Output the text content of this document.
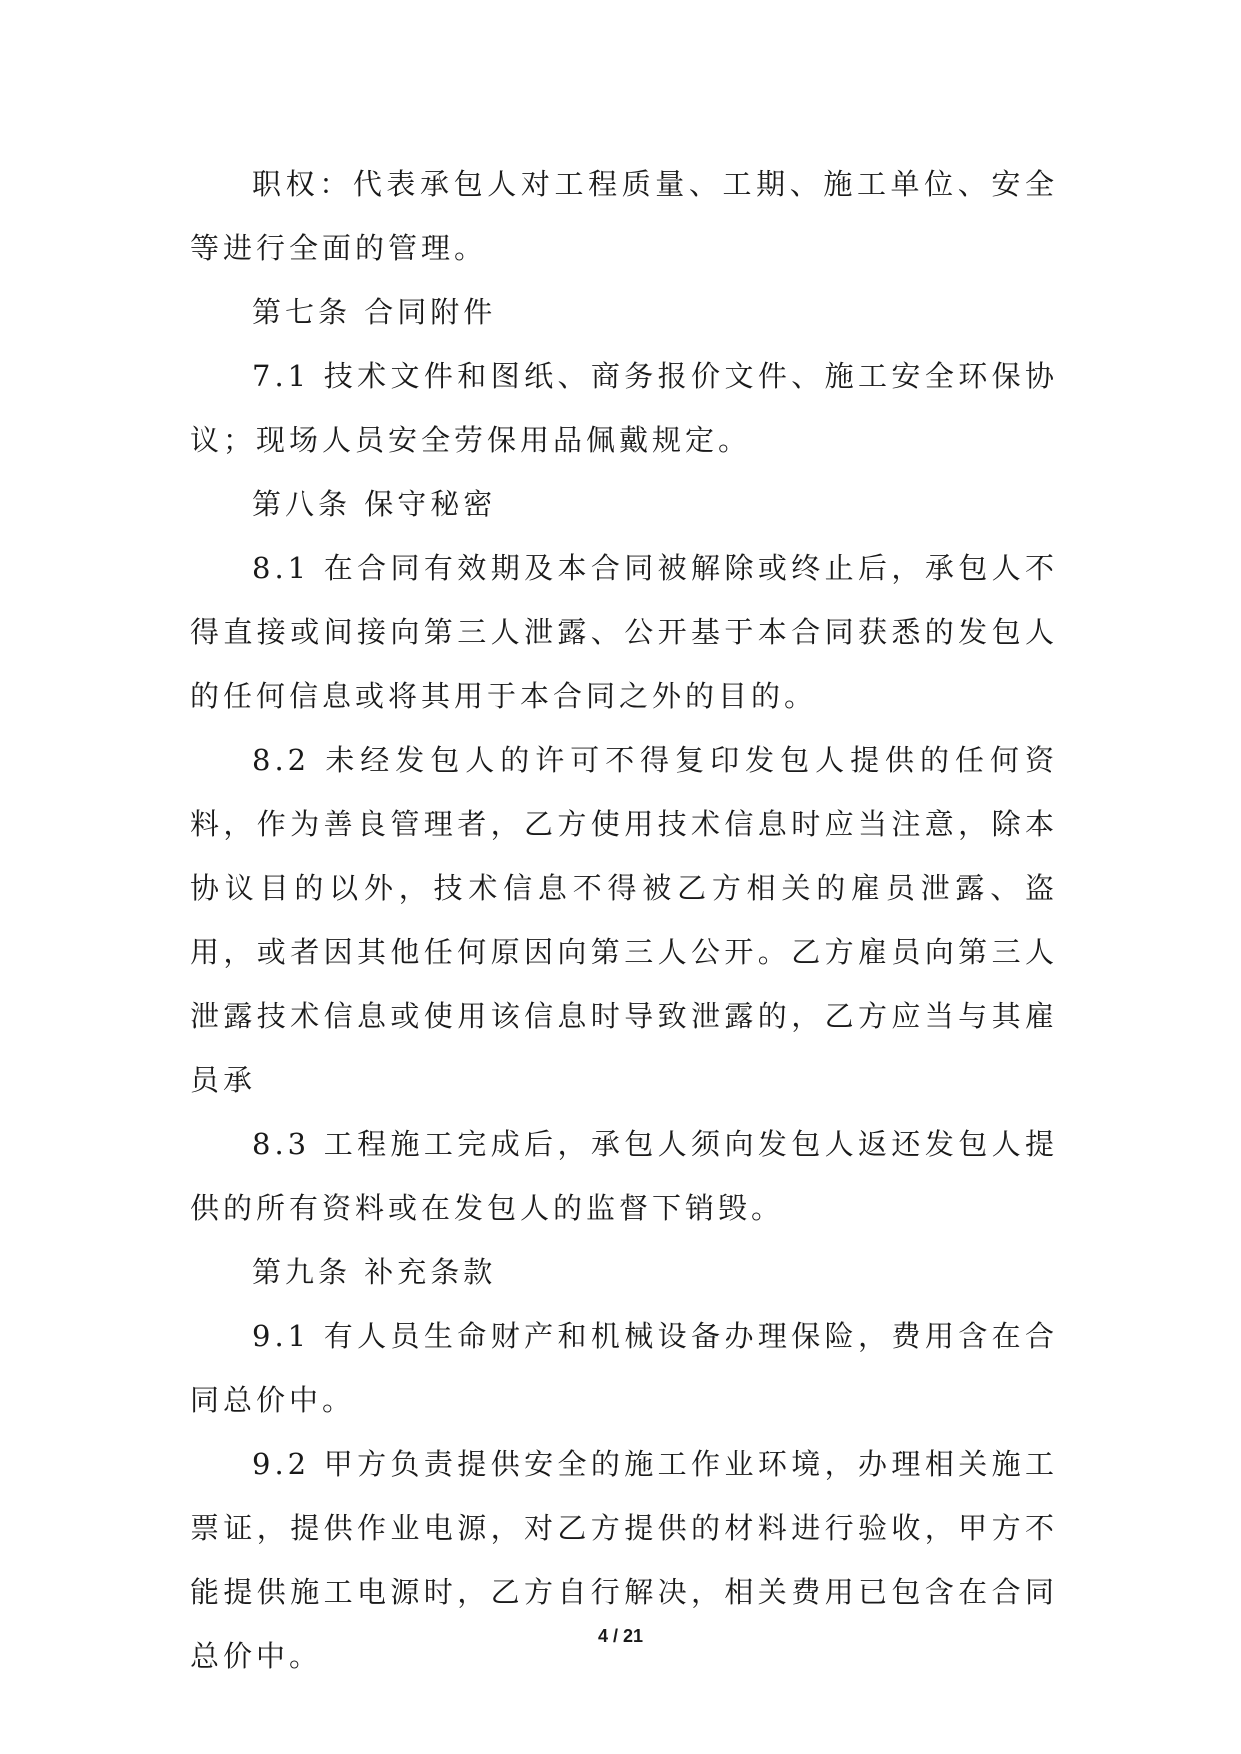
职权：代表承包人对工程质量、工期、施工单位、安全等进行全面的管理。

第七条 合同附件

7.1 技术文件和图纸、商务报价文件、施工安全环保协议；现场人员安全劳保用品佩戴规定。

第八条 保守秘密

8.1 在合同有效期及本合同被解除或终止后，承包人不得直接或间接向第三人泄露、公开基于本合同获悉的发包人的任何信息或将其用于本合同之外的目的。

8.2 未经发包人的许可不得复印发包人提供的任何资料，作为善良管理者，乙方使用技术信息时应当注意，除本协议目的以外，技术信息不得被乙方相关的雇员泄露、盗用，或者因其他任何原因向第三人公开。乙方雇员向第三人泄露技术信息或使用该信息时导致泄露的，乙方应当与其雇员承

8.3 工程施工完成后，承包人须向发包人返还发包人提供的所有资料或在发包人的监督下销毁。

第九条 补充条款

9.1 有人员生命财产和机械设备办理保险，费用含在合同总价中。

9.2 甲方负责提供安全的施工作业环境，办理相关施工票证，提供作业电源，对乙方提供的材料进行验收，甲方不能提供施工电源时，乙方自行解决，相关费用已包含在合同总价中。

4 / 21
